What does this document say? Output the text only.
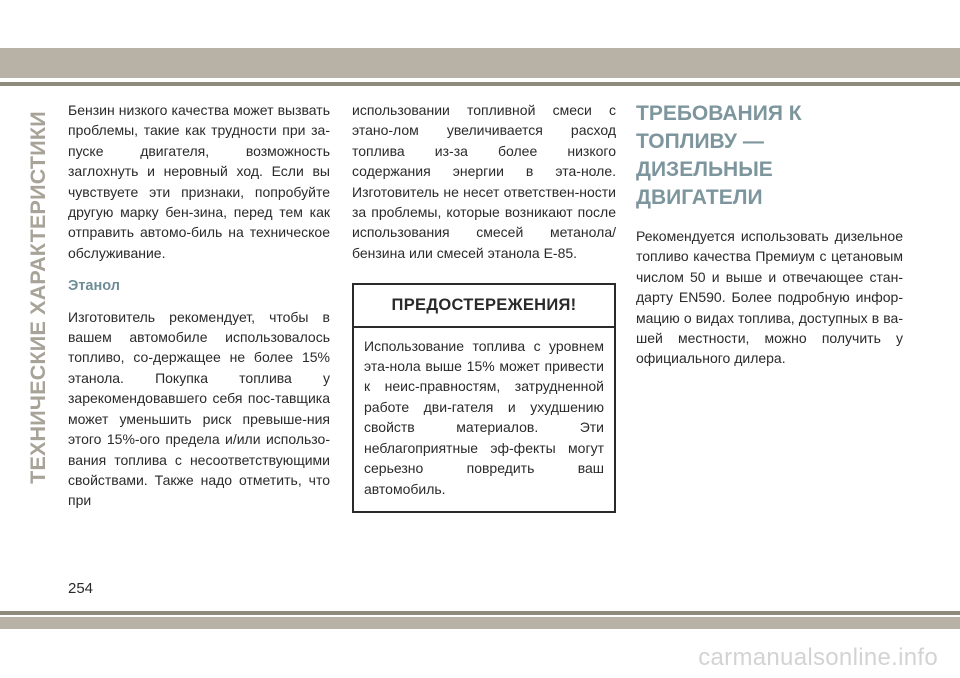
ТЕХНИЧЕСКИЕ ХАРАКТЕРИСТИКИ

Бензин низкого качества может вызвать проблемы, такие как трудности при за-пуске двигателя, возможность заглохнуть и неровный ход. Если вы чувствуете эти признаки, попробуйте другую марку бен-зина, перед тем как отправить автомо-биль на техническое обслуживание.

Этанол

Изготовитель рекомендует, чтобы в вашем автомобиле использовалось топливо, со-держащее не более 15% этанола. Покупка топлива у зарекомендовавшего себя пос-тавщика может уменьшить риск превыше-ния этого 15%-ого предела и/или использо-вания топлива с несоответствующими свойствами. Также надо отметить, что при

использовании топливной смеси с этано-лом увеличивается расход топлива из-за более низкого содержания энергии в эта-ноле. Изготовитель не несет ответствен-ности за проблемы, которые возникают после использования смесей метанола/бензина или смесей этанола E-85.

ПРЕДОСТЕРЕЖЕНИЯ!

Использование топлива с уровнем эта-нола выше 15% может привести к неис-правностям, затрудненной работе дви-гателя и ухудшению свойств материалов. Эти неблагоприятные эф-фекты могут серьезно повредить ваш автомобиль.

ТРЕБОВАНИЯ К ТОПЛИВУ — ДИЗЕЛЬНЫЕ ДВИГАТЕЛИ

Рекомендуется использовать дизельное топливо качества Премиум с цетановым числом 50 и выше и отвечающее стан-дарту EN590. Более подробную инфор-мацию о видах топлива, доступных в ва-шей местности, можно получить у официального дилера.

254
carmanualsonline.info
